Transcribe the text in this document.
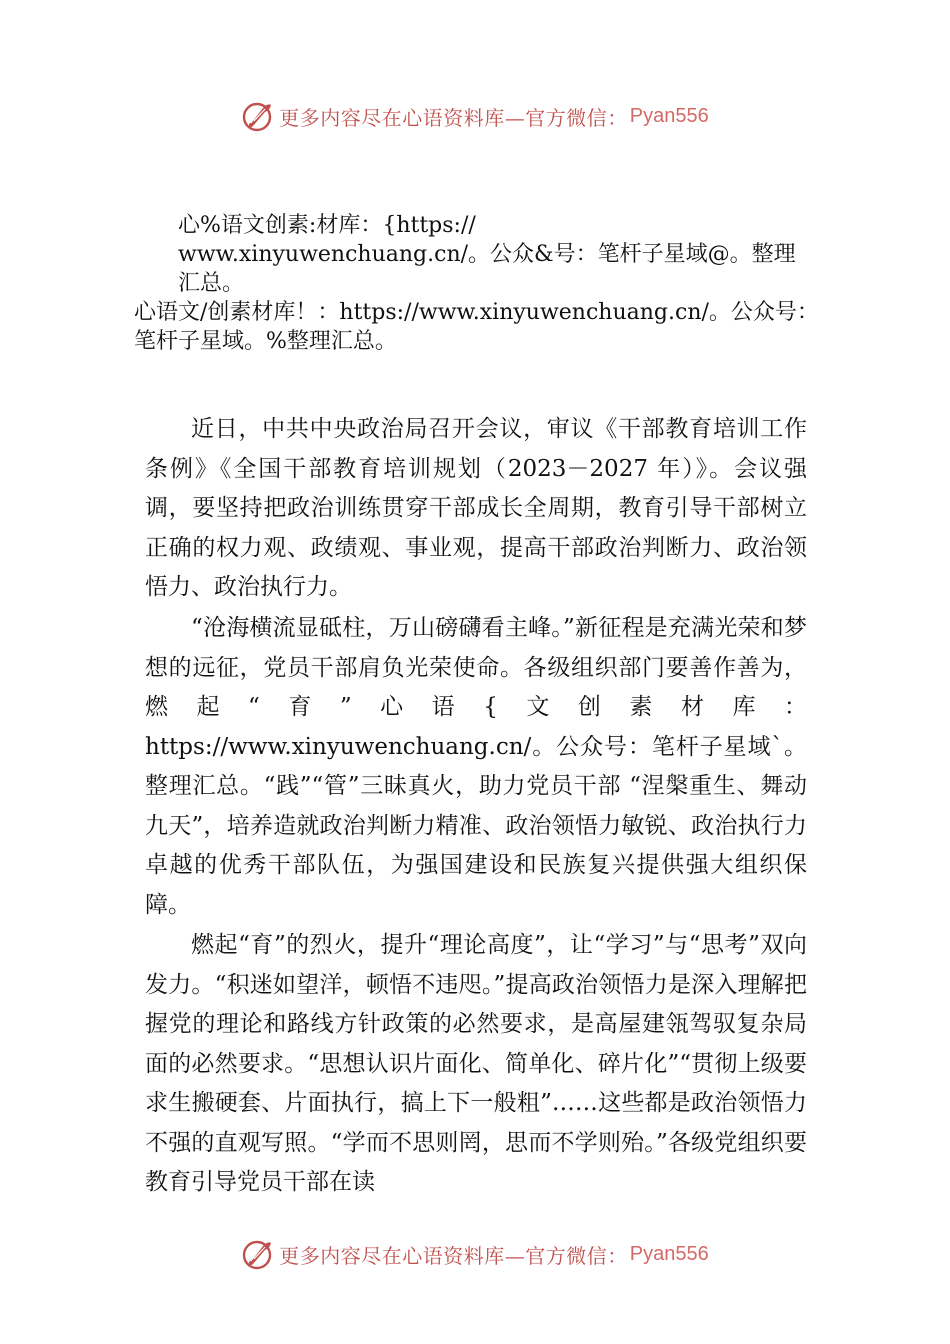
更多内容尽在心语资料库—官方微信： Pyan556
心%语文创素:材库：{https://
www.xinyuwenchuang.cn/。公众&号：笔杆子星域@。整理
汇总。
心语文/创素材库！：https://www.xinyuwenchuang.cn/。公众号：笔杆子星域。%整理汇总。

近日，中共中央政治局召开会议，审议《干部教育培训工作条例》《全国干部教育培训规划（2023－2027 年）》。会议强调，要坚持把政治训练贯穿干部成长全周期，教育引导干部树立正确的权力观、政绩观、事业观，提高干部政治判断力、政治领悟力、政治执行力。

“沧海横流显砥柱，万山磅礴看主峰。”新征程是充满光荣和梦想的远征，党员干部肩负光荣使命。各级组织部门要善作善为，燃起“育”心语{文创素材库：https://www.xinyuwenchuang.cn/。公众号：笔杆子星域`。整理汇总。“践”“管”三昧真火，助力党员干部 “涅槃重生、舞动九天”，培养造就政治判断力精准、政治领悟力敏锐、政治执行力卓越的优秀干部队伍，为强国建设和民族复兴提供强大组织保障。

燃起“育”的烈火，提升“理论高度”，让“学习”与“思考”双向发力。“积迷如望洋，顿悟不违咫。”提高政治领悟力是深入理解把握党的理论和路线方针政策的必然要求，是高屋建瓴驾驭复杂局面的必然要求。“思想认识片面化、简单化、碎片化”“贯彻上级要求生搬硬套、片面执行，搞上下一般粗”……这些都是政治领悟力不强的直观写照。“学而不思则罔，思而不学则殆。”各级党组织要教育引导党员干部在读

更多内容尽在心语资料库—官方微信： Pyan556
